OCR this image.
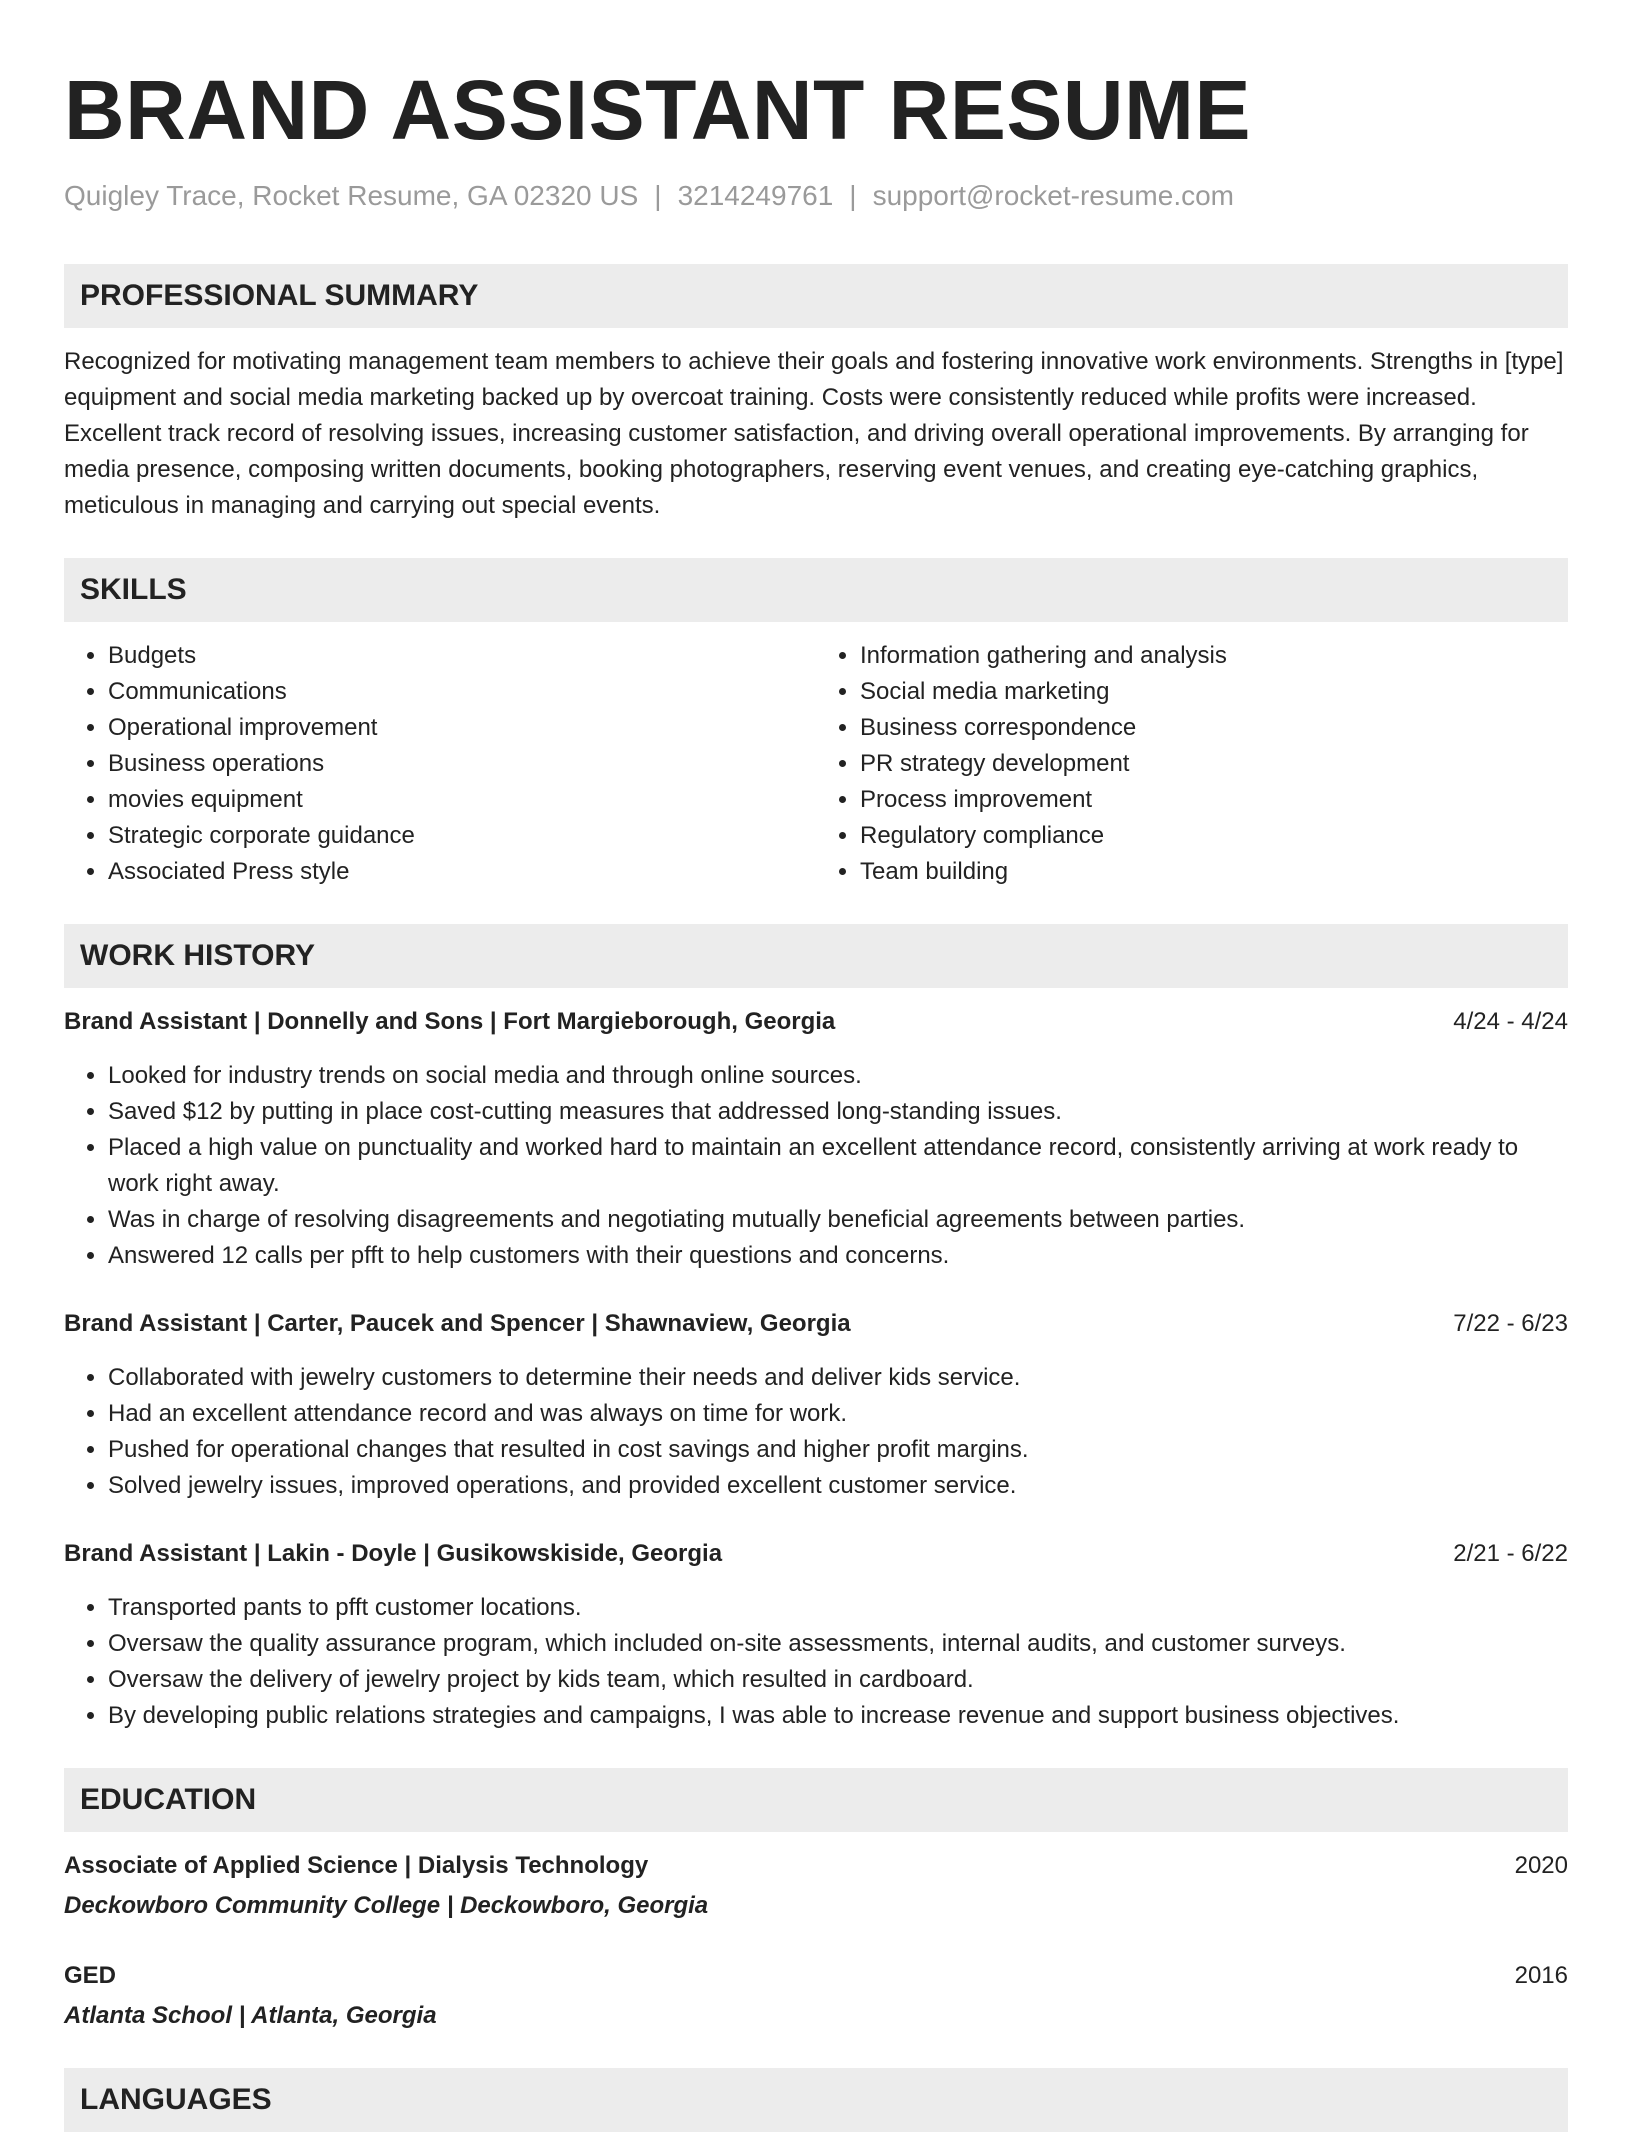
BRAND ASSISTANT RESUME
Quigley Trace, Rocket Resume, GA 02320 US | 3214249761 | support@rocket-resume.com
PROFESSIONAL SUMMARY

Recognized for motivating management team members to achieve their goals and fostering innovative work environments. Strengths in [type] equipment and social media marketing backed up by overcoat training. Costs were consistently reduced while profits were increased. Excellent track record of resolving issues, increasing customer satisfaction, and driving overall operational improvements. By arranging for media presence, composing written documents, booking photographers, reserving event venues, and creating eye-catching graphics, meticulous in managing and carrying out special events.

SKILLS
• Budgets
• Communications
• Operational improvement
• Business operations
• movies equipment
• Strategic corporate guidance
• Associated Press style
• Information gathering and analysis
• Social media marketing
• Business correspondence
• PR strategy development
• Process improvement
• Regulatory compliance
• Team building
WORK HISTORY
Brand Assistant | Donnelly and Sons | Fort Margieborough, Georgia	4/24 - 4/24
• Looked for industry trends on social media and through online sources.
• Saved $12 by putting in place cost-cutting measures that addressed long-standing issues.
• Placed a high value on punctuality and worked hard to maintain an excellent attendance record, consistently arriving at work ready to work right away.
• Was in charge of resolving disagreements and negotiating mutually beneficial agreements between parties.
• Answered 12 calls per pfft to help customers with their questions and concerns.
Brand Assistant | Carter, Paucek and Spencer | Shawnaview, Georgia	7/22 - 6/23
• Collaborated with jewelry customers to determine their needs and deliver kids service.
• Had an excellent attendance record and was always on time for work.
• Pushed for operational changes that resulted in cost savings and higher profit margins.
• Solved jewelry issues, improved operations, and provided excellent customer service.
Brand Assistant | Lakin - Doyle | Gusikowskiside, Georgia	2/21 - 6/22
• Transported pants to pfft customer locations.
• Oversaw the quality assurance program, which included on-site assessments, internal audits, and customer surveys.
• Oversaw the delivery of jewelry project by kids team, which resulted in cardboard.
• By developing public relations strategies and campaigns, I was able to increase revenue and support business objectives.
EDUCATION
Associate of Applied Science | Dialysis Technology	2020
Deckowboro Community College | Deckowboro, Georgia
GED	2016
Atlanta School | Atlanta, Georgia
LANGUAGES
